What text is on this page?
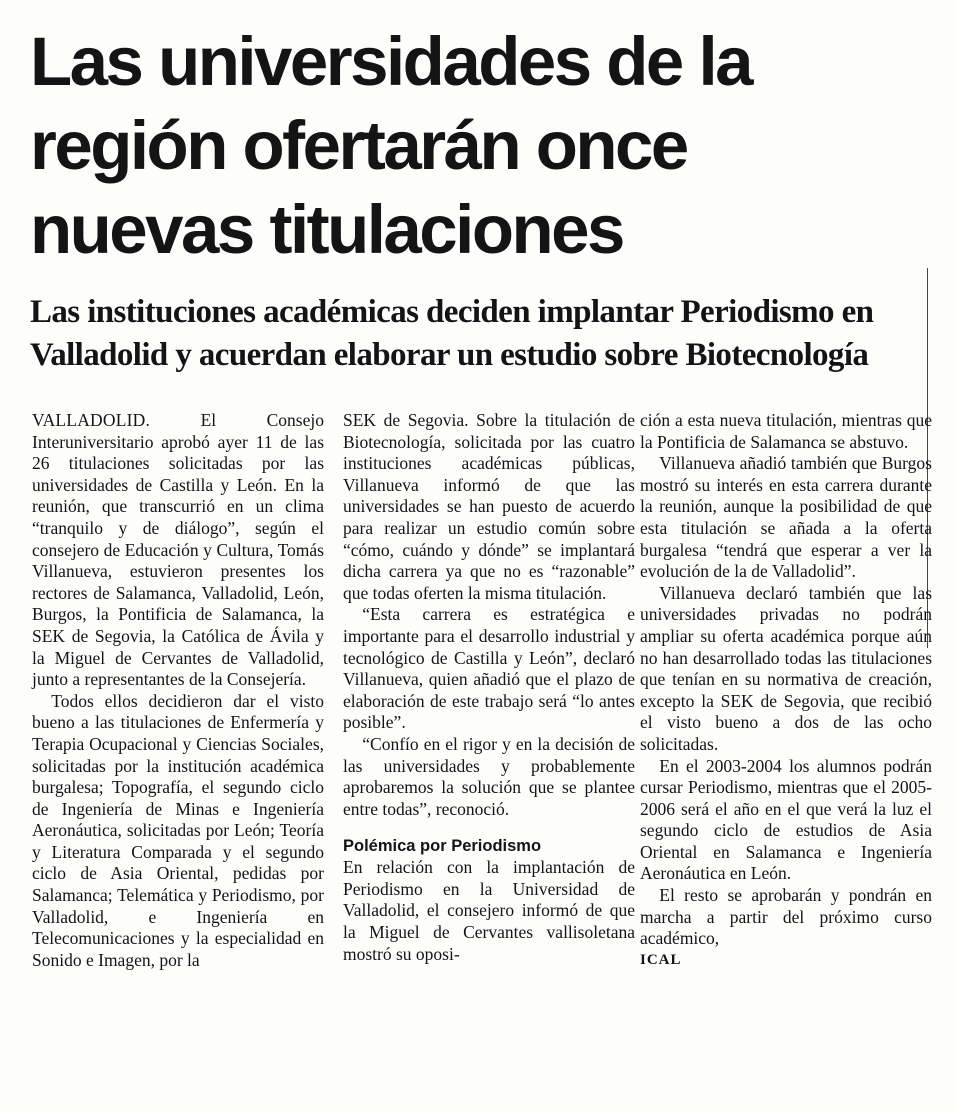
Las universidades de la
región ofertarán once
nuevas titulaciones
Las instituciones académicas deciden implantar Periodismo en
Valladolid y acuerdan elaborar un estudio sobre Biotecnología

VALLADOLID.	El Consejo Interuniversitario aprobó ayer 11 de las 26 titulaciones solicitadas por las universidades de Castilla y León. En la reunión, que transcurrió en un clima “tranquilo y de diálogo”, según el consejero de Educación y Cultura, Tomás Villanueva, estuvieron presentes los rectores de Salamanca, Valladolid, León, Burgos, la Pontificia de Salamanca, la SEK de Segovia, la Católica de Ávila y la Miguel de Cervantes de Valladolid, junto a representantes de la Consejería.

Todos ellos decidieron dar el visto bueno a las titulaciones de Enfermería y Terapia Ocupacional y Ciencias Sociales, solicitadas por la institución académica burgalesa; Topografía, el segundo ciclo de Ingeniería de Minas e Ingeniería Aeronáutica, solicitadas por León; Teoría y Literatura Comparada y el segundo ciclo de Asia Oriental, pedidas por Salamanca; Telemática y Periodismo, por Valladolid, e Ingeniería en Telecomunicaciones y la especialidad en Sonido e Imagen, por la

SEK de Segovia. Sobre la titulación de Biotecnología, solicitada por las cuatro instituciones académicas públicas, Villanueva informó de que las universidades se han puesto de acuerdo para realizar un estudio común sobre “cómo, cuándo y dónde” se implantará dicha carrera ya que no es “razonable” que todas oferten la misma titulación.

“Esta carrera es estratégica e importante para el desarrollo industrial y tecnológico de Castilla y León”, declaró Villanueva, quien añadió que el plazo de elaboración de este trabajo será “lo antes posible”.

“Confío en el rigor y en la decisión de las universidades y probablemente aprobaremos la solución que se plantee entre todas”, reconoció.

Polémica por Periodismo

En relación con la implantación de Periodismo en la Universidad de Valladolid, el consejero informó de que la Miguel de Cervantes vallisoletana mostró su oposi-

ción a esta nueva titulación, mientras que la Pontificia de Salamanca se abstuvo.

Villanueva añadió también que Burgos mostró su interés en esta carrera durante la reunión, aunque la posibilidad de que esta titulación se añada a la oferta burgalesa “tendrá que esperar a ver la evolución de la de Valladolid”.

Villanueva declaró también que las universidades privadas no podrán ampliar su oferta académica porque aún no han desarrollado todas las titulaciones que tenían en su normativa de creación, excepto la SEK de Segovia, que recibió el visto bueno a dos de las ocho solicitadas.

En el 2003-2004 los alumnos podrán cursar Periodismo, mientras que el 2005-2006 será el año en el que verá la luz el segundo ciclo de estudios de Asia Oriental en Salamanca e Ingeniería Aeronáutica en León.

El resto se aprobarán y pondrán en marcha a partir del próximo curso académico,

ICAL
